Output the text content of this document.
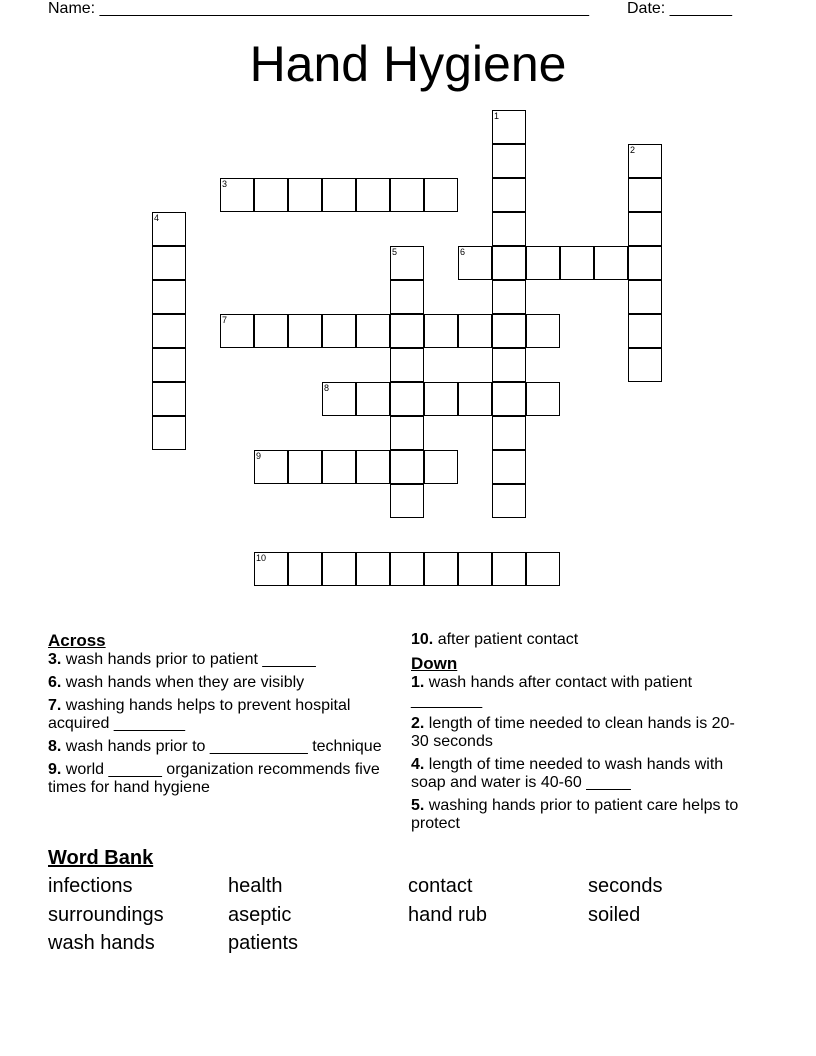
Name: _______________________________________________________ Date: _______
Hand Hygiene
1
2
3
4
5	6
7
8
9
10
Across
3. wash hands prior to patient ______
6. wash hands when they are visibly
7. washing hands helps to prevent hospital acquired ________
8. wash hands prior to ___________ technique
9. world ______ organization recommends five times for hand hygiene
10. after patient contact
Down
1. wash hands after contact with patient ________
2. length of time needed to clean hands is 20-30 seconds
4. length of time needed to wash hands with soap and water is 40-60 _____
5. washing hands prior to patient care helps to protect
Word Bank
infections	health	contact	seconds
surroundings	aseptic	hand rub	soiled
wash hands	patients
